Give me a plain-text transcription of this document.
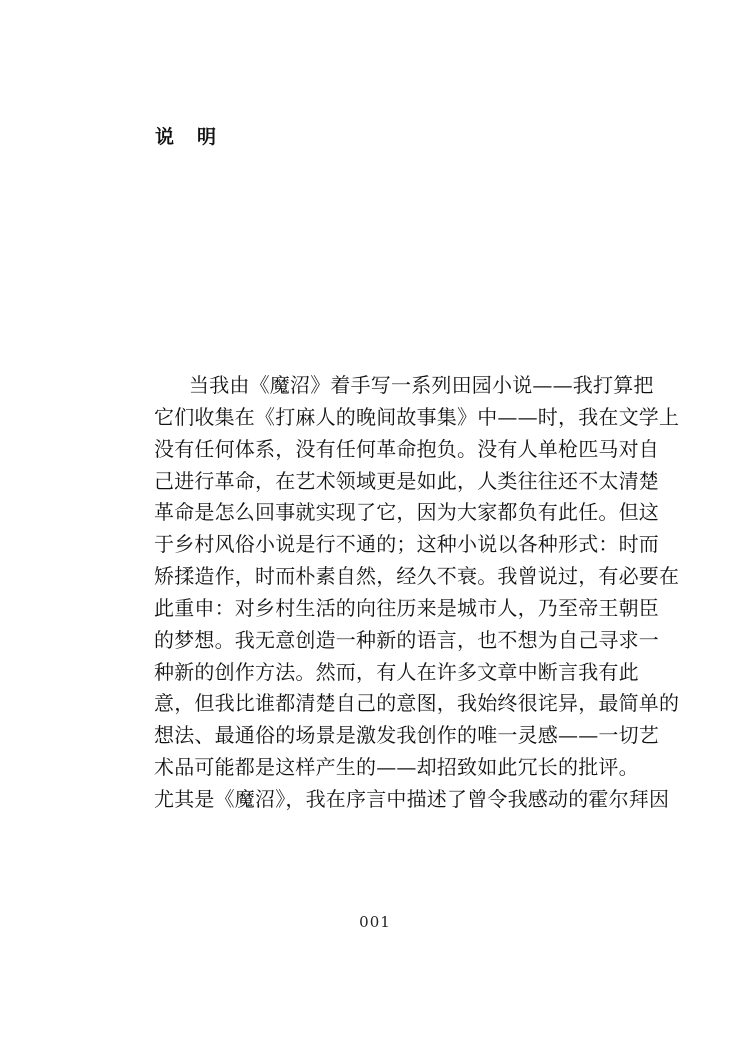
说 明
当我由《魔沼》着手写一系列田园小说——我打算把
它们收集在《打麻人的晚间故事集》中——时，我在文学上
没有任何体系，没有任何革命抱负。没有人单枪匹马对自
己进行革命，在艺术领域更是如此，人类往往还不太清楚
革命是怎么回事就实现了它，因为大家都负有此任。但这
于乡村风俗小说是行不通的；这种小说以各种形式：时而
矫揉造作，时而朴素自然，经久不衰。我曾说过，有必要在
此重申：对乡村生活的向往历来是城市人，乃至帝王朝臣
的梦想。我无意创造一种新的语言，也不想为自己寻求一
种新的创作方法。然而，有人在许多文章中断言我有此
意，但我比谁都清楚自己的意图，我始终很诧异，最简单的
想法、最通俗的场景是激发我创作的唯一灵感——一切艺
术品可能都是这样产生的——却招致如此冗长的批评。
尤其是《魔沼》，我在序言中描述了曾令我感动的霍尔拜因
001
